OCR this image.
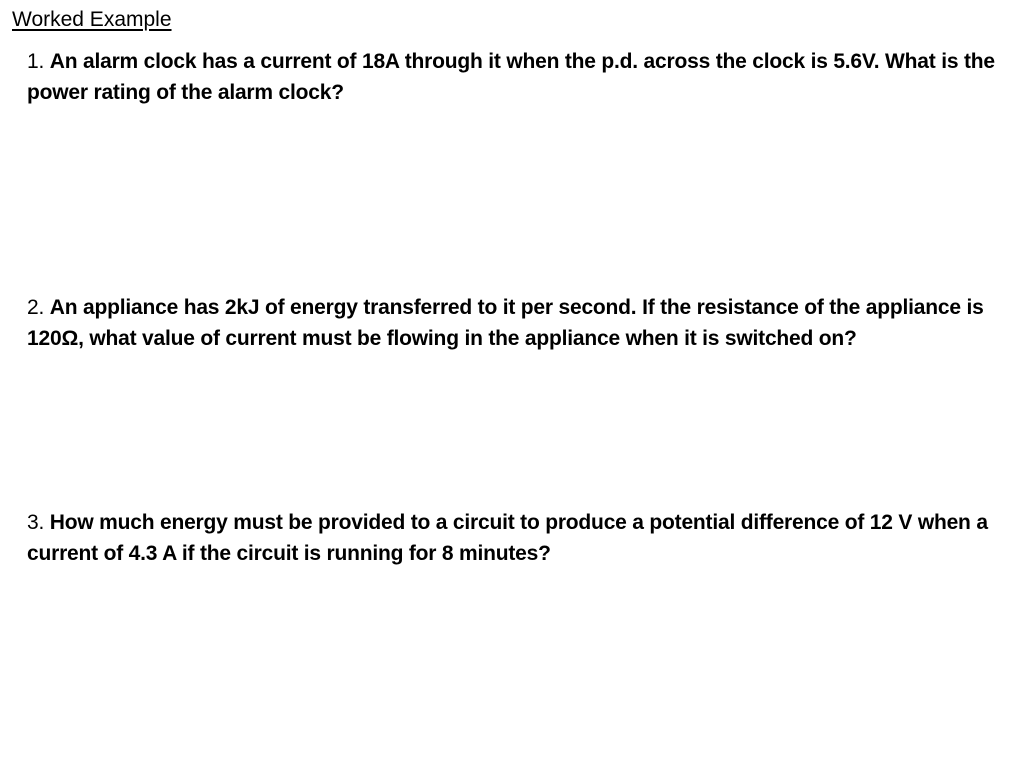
Worked Example
1. An alarm clock has a current of 18A through it when the p.d. across the clock is 5.6V. What is the power rating of the alarm clock?
2. An appliance has 2kJ of energy transferred to it per second. If the resistance of the appliance is 120Ω, what value of current must be flowing in the appliance when it is switched on?
3. How much energy must be provided to a circuit to produce a potential difference of 12 V when a current of 4.3 A if the circuit is running for 8 minutes?
